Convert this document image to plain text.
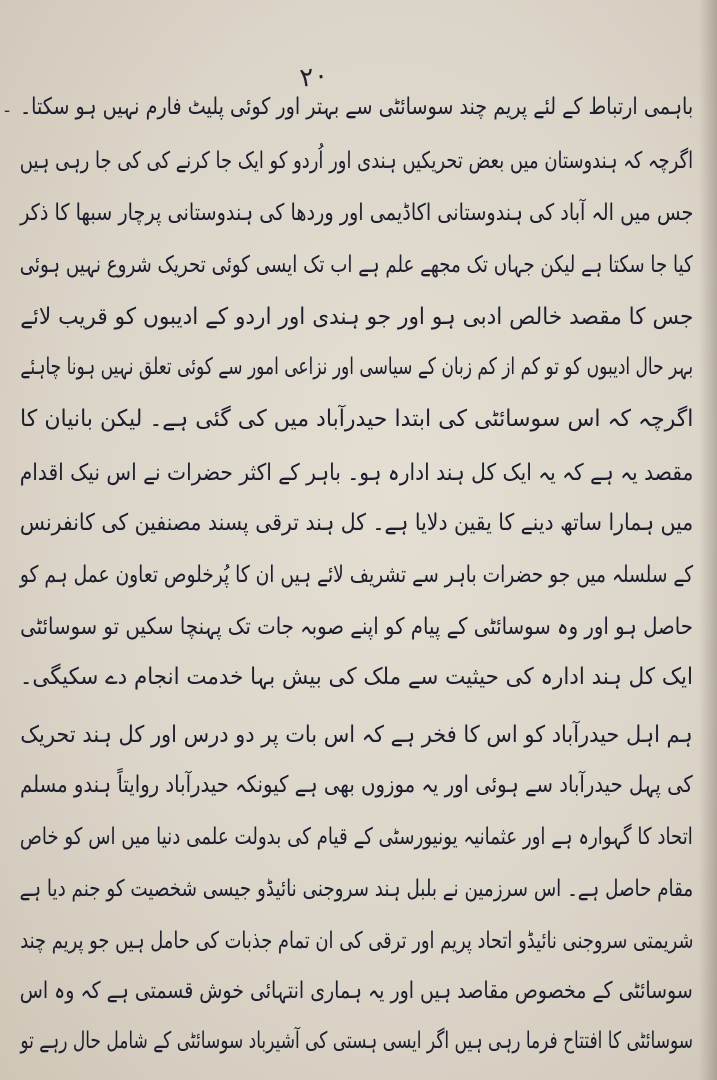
۲۰
- باہمی ارتباط کے لئے پریم چند سوسائٹی سے بہتر اور کوئی پلیٹ فارم نہیں ہو سکتا۔
اگرچہ کہ ہندوستان میں بعض تحریکیں ہندی اور اُردو کو ایک جا کرنے کی کی جا رہی ہیں
جس میں الہ آباد کی ہندوستانی اکاڈیمی اور وردھا کی ہندوستانی پرچار سبھا کا ذکر
کیا جا سکتا ہے لیکن جہاں تک مجھے علم ہے اب تک ایسی کوئی تحریک شروع نہیں ہوئی
جس کا مقصد خالص ادبی ہو اور جو ہندی اور اردو کے ادیبوں کو قریب لائے
بہر حال ادیبوں کو تو کم از کم زبان کے سیاسی اور نزاعی امور سے کوئی تعلق نہیں ہونا چاہئے
اگرچہ کہ اس سوسائٹی کی ابتدا حیدرآباد میں کی گئی ہے۔ لیکن بانیان کا
مقصد یہ ہے کہ یہ ایک کل ہند ادارہ ہو۔ باہر کے اکثر حضرات نے اس نیک اقدام
میں ہمارا ساتھ دینے کا یقین دلایا ہے۔ کل ہند ترقی پسند مصنفین کی کانفرنس
کے سلسلہ میں جو حضرات باہر سے تشریف لائے ہیں ان کا پُرخلوص تعاون عمل ہم کو
حاصل ہو اور وہ سوسائٹی کے پیام کو اپنے صوبہ جات تک پہنچا سکیں تو سوسائٹی
ایک کل ہند ادارہ کی حیثیت سے ملک کی بیش بہا خدمت انجام دے سکیگی۔
ہم اہل حیدرآباد کو اس کا فخر ہے کہ اس بات پر دو درس اور کل ہند تحریک
کی پہل حیدرآباد سے ہوئی اور یہ موزوں بھی ہے کیونکہ حیدرآباد روایتاً ہندو مسلم
اتحاد کا گہوارہ ہے اور عثمانیہ یونیورسٹی کے قیام کی بدولت علمی دنیا میں اس کو خاص
مقام حاصل ہے۔ اس سرزمین نے بلبل ہند سروجنی نائیڈو جیسی شخصیت کو جنم دیا ہے
شریمتی سروجنی نائیڈو اتحاد پریم اور ترقی کی ان تمام جذبات کی حامل ہیں جو پریم چند
سوسائٹی کے مخصوص مقاصد ہیں اور یہ ہماری انتہائی خوش قسمتی ہے کہ وہ اس
سوسائٹی کا افتتاح فرما رہی ہیں اگر ایسی ہستی کی آشیرباد سوسائٹی کے شامل حال رہے تو
